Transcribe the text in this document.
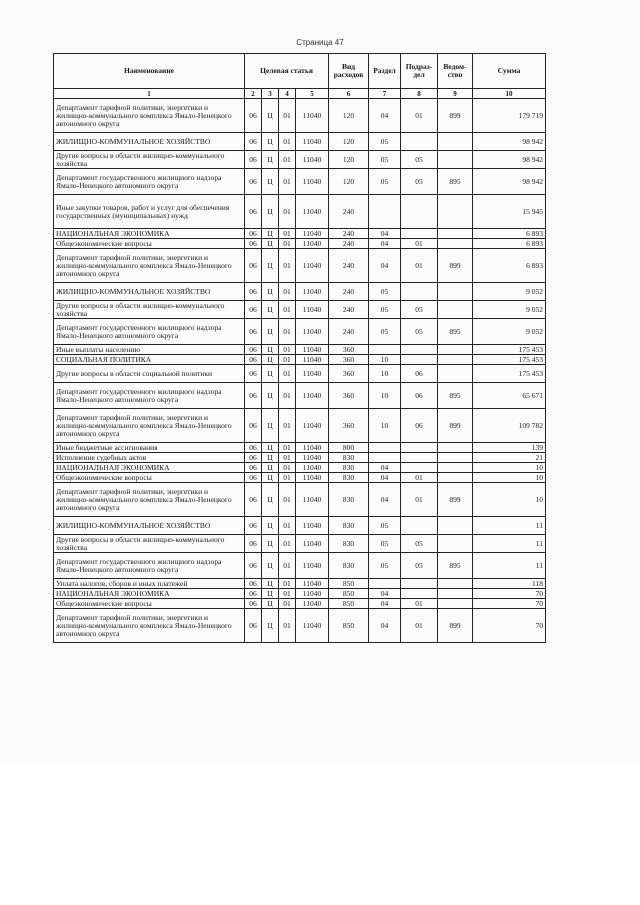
Страница 47
Наименование	Целевая статья				Вид расходов	Раздел	Подраз-дел	Ведом-ство	Сумма
1	2	3	4	5	6	7	8	9	10
Департамент тарифной политики, энергетики и жилищно-коммунального комплекса Ямало-Ненецкого автономного округа	06	Ц	01	11040	120	04	01	899	179 719
ЖИЛИЩНО-КОММУНАЛЬНОЕ ХОЗЯЙСТВО	06	Ц	01	11040	120	05			98 942
Другие вопросы в области жилищно-коммунального хозяйства	06	Ц	01	11040	120	05	05		98 942
Департамент государственного жилищного надзора Ямало-Ненецкого автономного округа	06	Ц	01	11040	120	05	05	895	98 942
Иные закупки товаров, работ и услуг для обеспечения государственных (муниципальных) нужд	06	Ц	01	11040	240				15 945
НАЦИОНАЛЬНАЯ ЭКОНОМИКА	06	Ц	01	11040	240	04			6 893
Общеэкономические вопросы	06	Ц	01	11040	240	04	01		6 893
Департамент тарифной политики, энергетики и жилищно-коммунального комплекса Ямало-Ненецкого автономного округа	06	Ц	01	11040	240	04	01	899	6 893
ЖИЛИЩНО-КОММУНАЛЬНОЕ ХОЗЯЙСТВО	06	Ц	01	11040	240	05			9 052
Другие вопросы в области жилищно-коммунального хозяйства	06	Ц	01	11040	240	05	05		9 052
Департамент государственного жилищного надзора Ямало-Ненецкого автономного округа	06	Ц	01	11040	240	05	05	895	9 052
Иные выплаты населению	06	Ц	01	11040	360				175 453
СОЦИАЛЬНАЯ ПОЛИТИКА	06	Ц	01	11040	360	10			175 453
Другие вопросы в области социальной политики	06	Ц	01	11040	360	10	06		175 453
Департамент государственного жилищного надзора Ямало-Ненецкого автономного округа	06	Ц	01	11040	360	10	06	895	65 671
Департамент тарифной политики, энергетики и жилищно-коммунального комплекса Ямало-Ненецкого автономного округа	06	Ц	01	11040	360	10	06	899	109 782
Иные бюджетные ассигнования	06	Ц	01	11040	800				139
Исполнение судебных актов	06	Ц	01	11040	830				21
НАЦИОНАЛЬНАЯ ЭКОНОМИКА	06	Ц	01	11040	830	04			10
Общеэкономические вопросы	06	Ц	01	11040	830	04	01		10
Департамент тарифной политики, энергетики и жилищно-коммунального комплекса Ямало-Ненецкого автономного округа	06	Ц	01	11040	830	04	01	899	10
ЖИЛИЩНО-КОММУНАЛЬНОЕ ХОЗЯЙСТВО	06	Ц	01	11040	830	05			11
Другие вопросы в области жилищно-коммунального хозяйства	06	Ц	01	11040	830	05	05		11
Департамент государственного жилищного надзора Ямало-Ненецкого автономного округа	06	Ц	01	11040	830	05	05	895	11
Уплата налогов, сборов и иных платежей	06	Ц	01	11040	850				118
НАЦИОНАЛЬНАЯ ЭКОНОМИКА	06	Ц	01	11040	850	04			70
Общеэкономические вопросы	06	Ц	01	11040	850	04	01		70
Департамент тарифной политики, энергетики и жилищно-коммунального комплекса Ямало-Ненецкого автономного округа	06	Ц	01	11040	850	04	01	899	70
